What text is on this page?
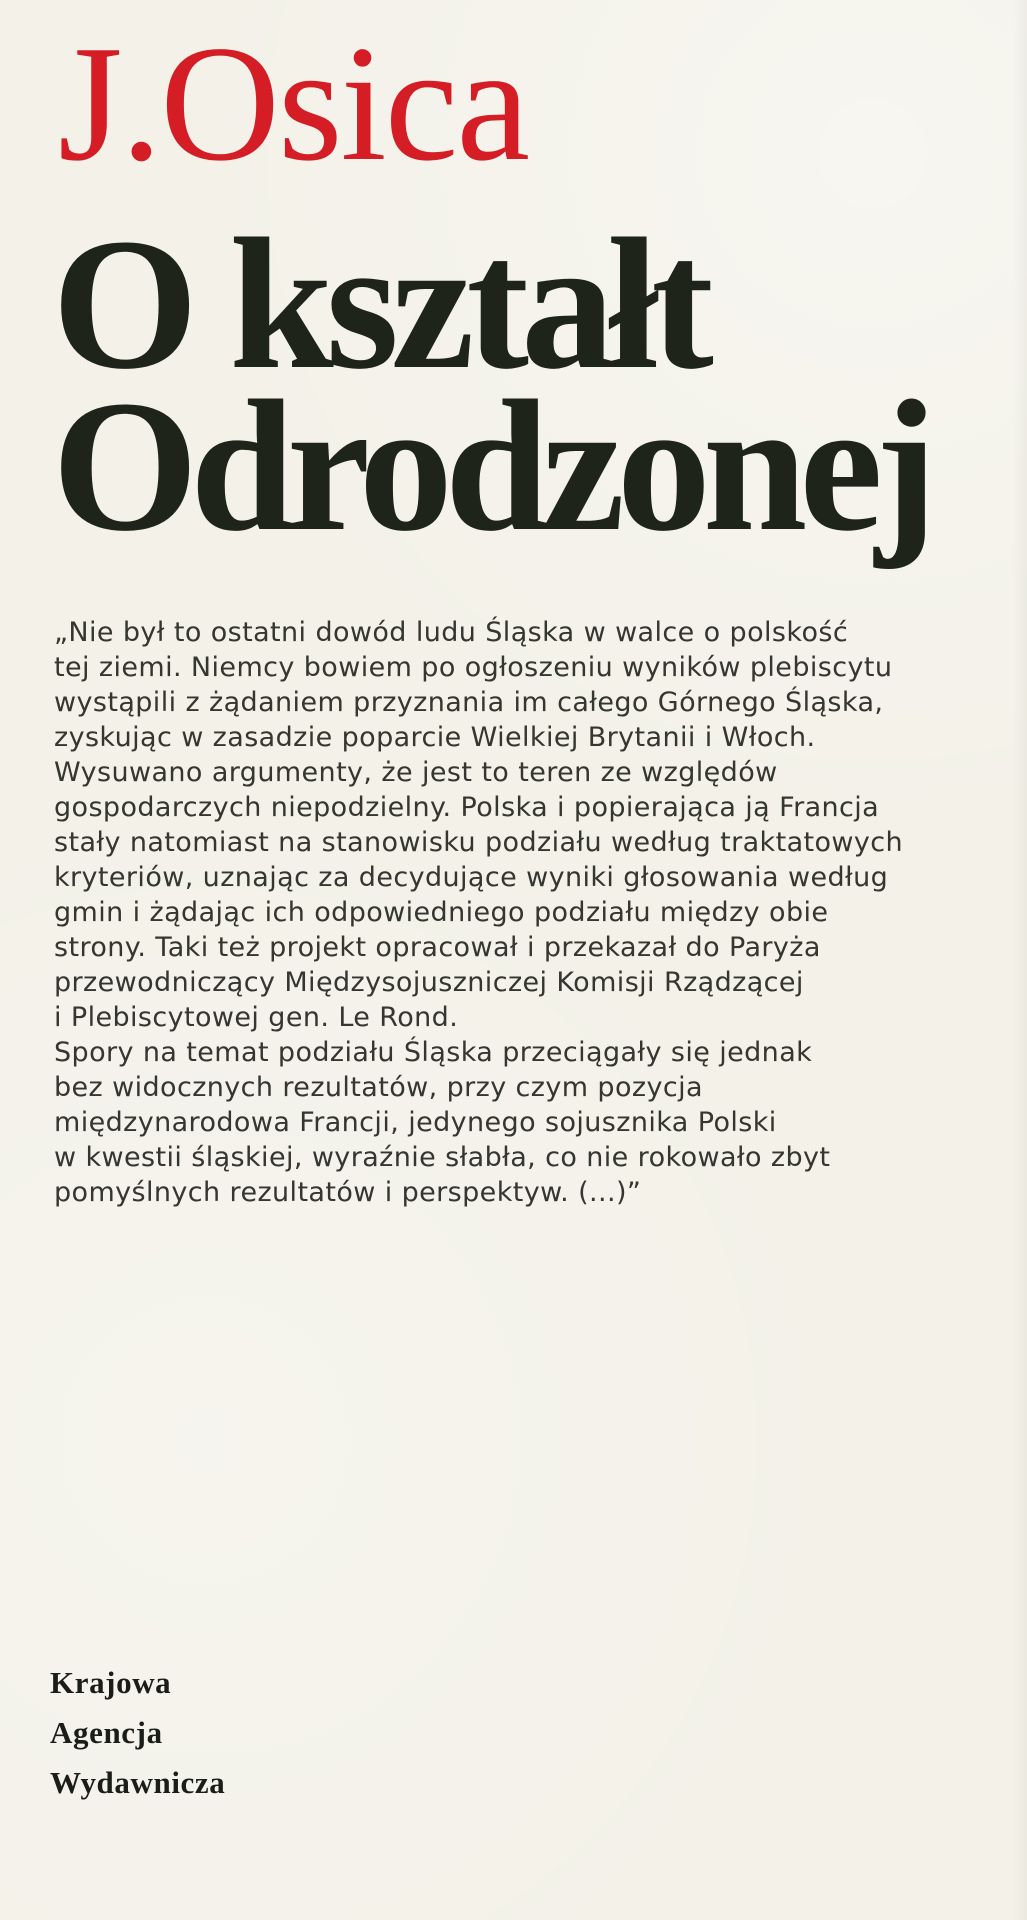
J.Osica
O kształt
Odrodzonej

„Nie był to ostatni dowód ludu Śląska w walce o polskość
tej ziemi. Niemcy bowiem po ogłoszeniu wyników plebiscytu
wystąpili z żądaniem przyznania im całego Górnego Śląska,
zyskując w zasadzie poparcie Wielkiej Brytanii i Włoch.
Wysuwano argumenty, że jest to teren ze względów
gospodarczych niepodzielny. Polska i popierająca ją Francja
stały natomiast na stanowisku podziału według traktatowych
kryteriów, uznając za decydujące wyniki głosowania według
gmin i żądając ich odpowiedniego podziału między obie
strony. Taki też projekt opracował i przekazał do Paryża
przewodniczący Międzysojuszniczej Komisji Rządzącej
i Plebiscytowej gen. Le Rond.
Spory na temat podziału Śląska przeciągały się jednak
bez widocznych rezultatów, przy czym pozycja
międzynarodowa Francji, jedynego sojusznika Polski
w kwestii śląskiej, wyraźnie słabła, co nie rokowało zbyt
pomyślnych rezultatów i perspektyw. (...)”

Krajowa
Agencja
Wydawnicza
